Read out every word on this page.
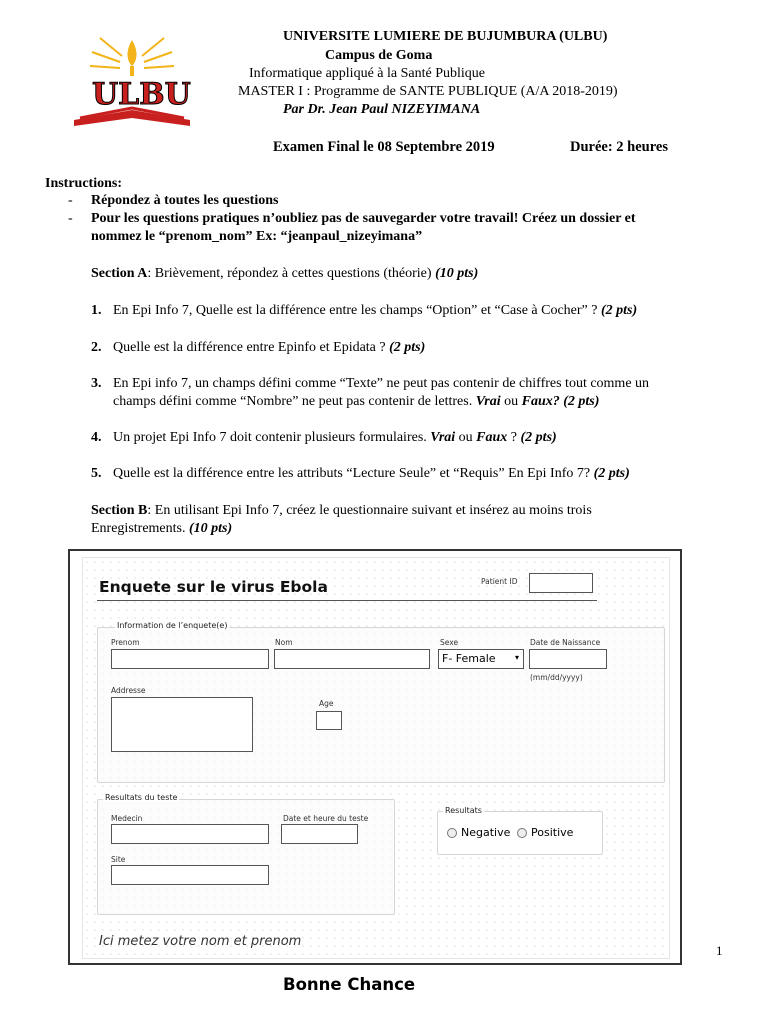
ULBU
UNIVERSITE LUMIERE DE BUJUMBURA (ULBU)
Campus de Goma
Informatique appliqué à la Santé Publique
MASTER I : Programme de SANTE PUBLIQUE (A/A 2018-2019)
Par Dr. Jean Paul NIZEYIMANA
Examen Final le 08 Septembre 2019	Durée: 2 heures
Instructions:
- Répondez à toutes les questions
- Pour les questions pratiques n’oubliez pas de sauvegarder votre travail! Créez un dossier et
nommez le “prenom_nom” Ex: “jeanpaul_nizeyimana”
Section A: Brièvement, répondez à cettes questions (théorie) (10 pts)
1. En Epi Info 7, Quelle est la différence entre les champs “Option” et “Case à Cocher” ? (2 pts)
2. Quelle est la différence entre Epinfo et Epidata ? (2 pts)
3. En Epi info 7, un champs défini comme “Texte” ne peut pas contenir de chiffres tout comme un
champs défini comme “Nombre” ne peut pas contenir de lettres. Vrai ou Faux? (2 pts)
4. Un projet Epi Info 7 doit contenir plusieurs formulaires. Vrai ou Faux ? (2 pts)
5. Quelle est la différence entre les attributs “Lecture Seule” et “Requis” En Epi Info 7? (2 pts)
Section B: En utilisant Epi Info 7, créez le questionnaire suivant et insérez au moins trois
Enregistrements. (10 pts)
Enquete sur le virus Ebola	Patient ID
Information de l’enquete(e)
Prenom	Nom	Sexe
F- Female ▾
Date de Naissance
(mm/dd/yyyy)
Addresse
Age
Resultats du teste
Medecin	Date et heure du teste
Site
Resultats
Negative	Positive
Ici metez votre nom et prenom
1
Bonne Chance
